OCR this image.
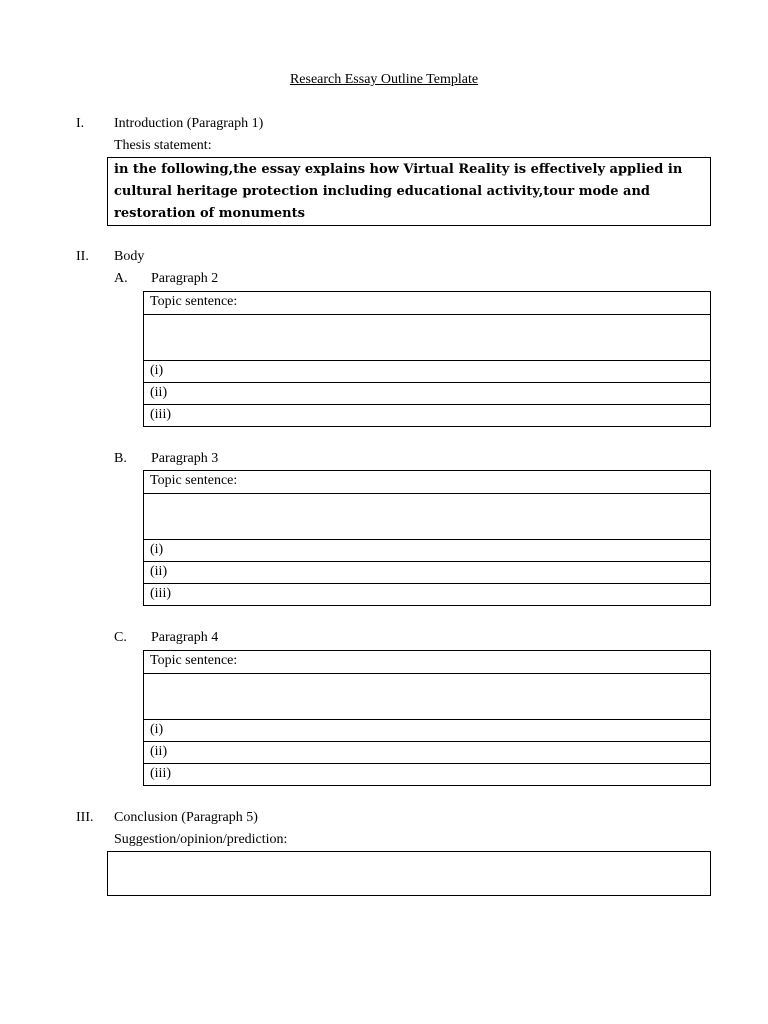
Research Essay Outline Template
I. Introduction (Paragraph 1)
Thesis statement:
in the following,the essay explains how Virtual Reality is effectively applied in
cultural heritage protection including educational activity,tour mode and
restoration of monuments
II. Body
A. Paragraph 2
Topic sentence:
(i)
(ii)
(iii)
B. Paragraph 3
Topic sentence:
(i)
(ii)
(iii)
C. Paragraph 4
Topic sentence:
(i)
(ii)
(iii)
III. Conclusion (Paragraph 5)
Suggestion/opinion/prediction:
